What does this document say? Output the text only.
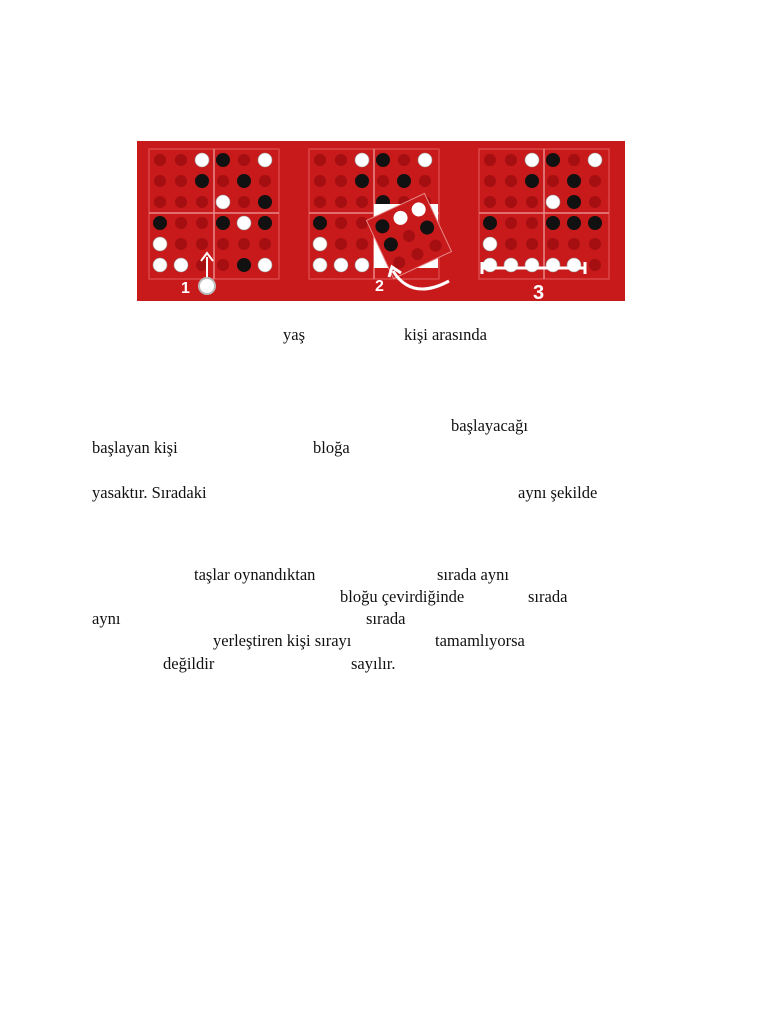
1	2	3
yaş	kişi arasında
başlayacağı
başlayan kişi	bloğa
yasaktır. Sıradaki	aynı şekilde
taşlar oynandıktan	sırada aynı
bloğu çevirdiğinde	sırada
aynı	sırada
yerleştiren kişi sırayı	tamamlıyorsa
değildir	sayılır.
